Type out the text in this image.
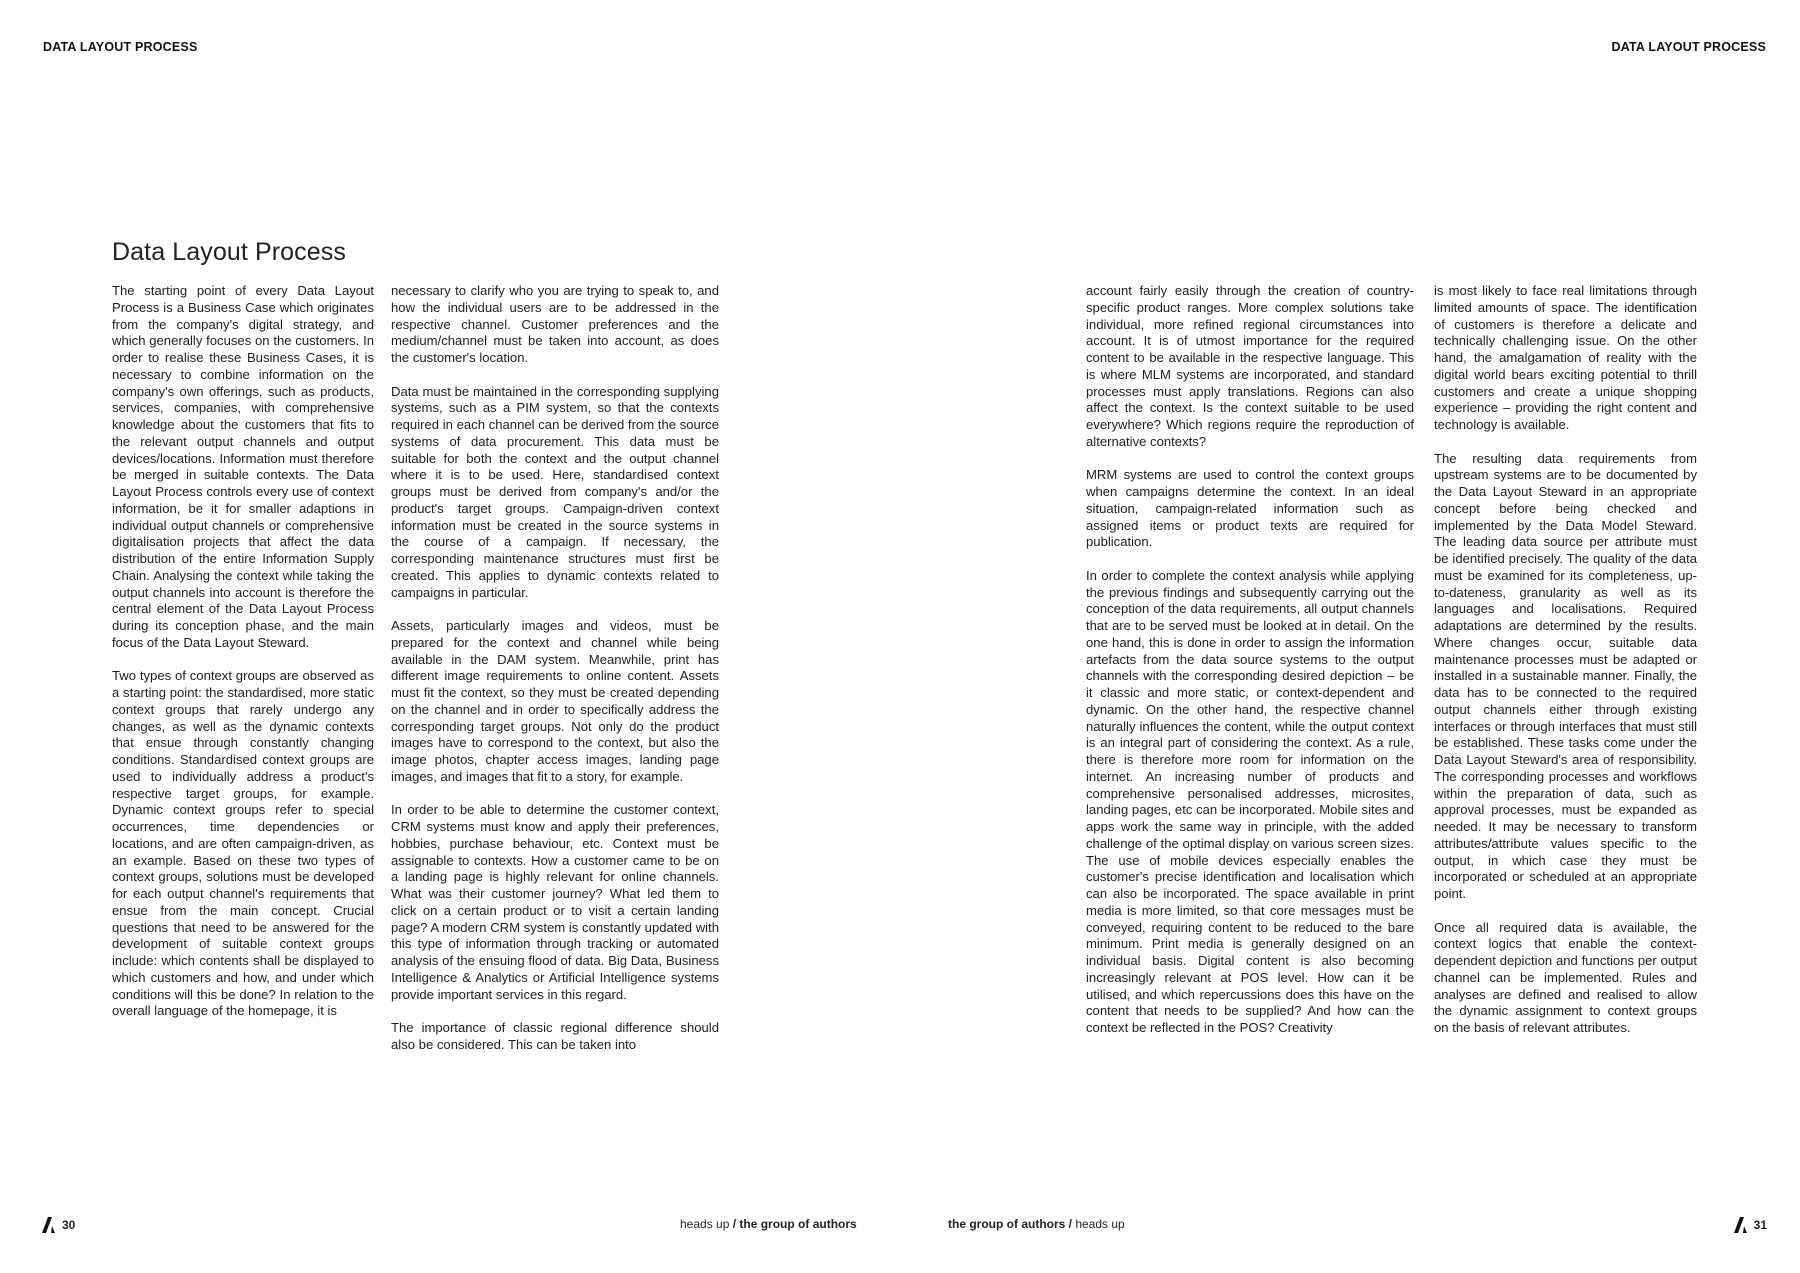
DATA LAYOUT PROCESS	DATA LAYOUT PROCESS
Data Layout Process

The starting point of every Data Layout Process is a Business Case which originates from the company's digital strategy, and which generally focuses on the customers. In order to realise these Business Cases, it is necessary to combine information on the company's own offerings, such as products, services, companies, with comprehensive knowledge about the customers that fits to the relevant output channels and output devices/locations. Information must therefore be merged in suitable contexts. The Data Layout Process controls every use of context information, be it for smaller adaptions in individual output channels or comprehensive digitalisation projects that affect the data distribution of the entire Information Supply Chain. Analysing the context while taking the output channels into account is therefore the central element of the Data Layout Process during its conception phase, and the main focus of the Data Layout Steward.

Two types of context groups are observed as a starting point: the standardised, more static context groups that rarely undergo any changes, as well as the dynamic contexts that ensue through constantly changing conditions. Standardised context groups are used to individually address a product's respective target groups, for example. Dynamic context groups refer to special occurrences, time dependencies or locations, and are often campaign-driven, as an example. Based on these two types of context groups, solutions must be developed for each output channel's requirements that ensue from the main concept. Crucial questions that need to be answered for the development of suitable context groups include: which contents shall be displayed to which customers and how, and under which conditions will this be done? In relation to the overall language of the homepage, it is

necessary to clarify who you are trying to speak to, and how the individual users are to be addressed in the respective channel. Customer preferences and the medium/channel must be taken into account, as does the customer's location.

Data must be maintained in the corresponding supplying systems, such as a PIM system, so that the contexts required in each channel can be derived from the source systems of data procurement. This data must be suitable for both the context and the output channel where it is to be used. Here, standardised context groups must be derived from company's and/or the product's target groups. Campaign-driven context information must be created in the source systems in the course of a campaign. If necessary, the corresponding maintenance structures must first be created. This applies to dynamic contexts related to campaigns in particular.

Assets, particularly images and videos, must be prepared for the context and channel while being available in the DAM system. Meanwhile, print has different image requirements to online content. Assets must fit the context, so they must be created depending on the channel and in order to specifically address the corresponding target groups. Not only do the product images have to correspond to the context, but also the image photos, chapter access images, landing page images, and images that fit to a story, for example.

In order to be able to determine the customer context, CRM systems must know and apply their preferences, hobbies, purchase behaviour, etc. Context must be assignable to contexts. How a customer came to be on a landing page is highly relevant for online channels. What was their customer journey? What led them to click on a certain product or to visit a certain landing page? A modern CRM system is constantly updated with this type of information through tracking or automated analysis of the ensuing flood of data. Big Data, Business Intelligence & Analytics or Artificial Intelligence systems provide important services in this regard.

The importance of classic regional difference should also be considered. This can be taken into

account fairly easily through the creation of country-specific product ranges. More complex solutions take individual, more refined regional circumstances into account. It is of utmost importance for the required content to be available in the respective language. This is where MLM systems are incorporated, and standard processes must apply translations. Regions can also affect the context. Is the context suitable to be used everywhere? Which regions require the reproduction of alternative contexts?

MRM systems are used to control the context groups when campaigns determine the context. In an ideal situation, campaign-related information such as assigned items or product texts are required for publication.

In order to complete the context analysis while applying the previous findings and subsequently carrying out the conception of the data requirements, all output channels that are to be served must be looked at in detail. On the one hand, this is done in order to assign the information artefacts from the data source systems to the output channels with the corresponding desired depiction – be it classic and more static, or context-dependent and dynamic. On the other hand, the respective channel naturally influences the content, while the output context is an integral part of considering the context. As a rule, there is therefore more room for information on the internet. An increasing number of products and comprehensive personalised addresses, microsites, landing pages, etc can be incorporated. Mobile sites and apps work the same way in principle, with the added challenge of the optimal display on various screen sizes. The use of mobile devices especially enables the customer's precise identification and localisation which can also be incorporated. The space available in print media is more limited, so that core messages must be conveyed, requiring content to be reduced to the bare minimum. Print media is generally designed on an individual basis. Digital content is also becoming increasingly relevant at POS level. How can it be utilised, and which repercussions does this have on the content that needs to be supplied? And how can the context be reflected in the POS? Creativity

is most likely to face real limitations through limited amounts of space. The identification of customers is therefore a delicate and technically challenging issue. On the other hand, the amalgamation of reality with the digital world bears exciting potential to thrill customers and create a unique shopping experience – providing the right content and technology is available.

The resulting data requirements from upstream systems are to be documented by the Data Layout Steward in an appropriate concept before being checked and implemented by the Data Model Steward. The leading data source per attribute must be identified precisely. The quality of the data must be examined for its completeness, up-to-dateness, granularity as well as its languages and localisations. Required adaptations are determined by the results. Where changes occur, suitable data maintenance processes must be adapted or installed in a sustainable manner. Finally, the data has to be connected to the required output channels either through existing interfaces or through interfaces that must still be established. These tasks come under the Data Layout Steward's area of responsibility. The corresponding processes and workflows within the preparation of data, such as approval processes, must be expanded as needed. It may be necessary to transform attributes/attribute values specific to the output, in which case they must be incorporated or scheduled at an appropriate point.

Once all required data is available, the context logics that enable the context-dependent depiction and functions per output channel can be implemented. Rules and analyses are defined and realised to allow the dynamic assignment to context groups on the basis of relevant attributes.

30	heads up / the group of authors	the group of authors / heads up	31
